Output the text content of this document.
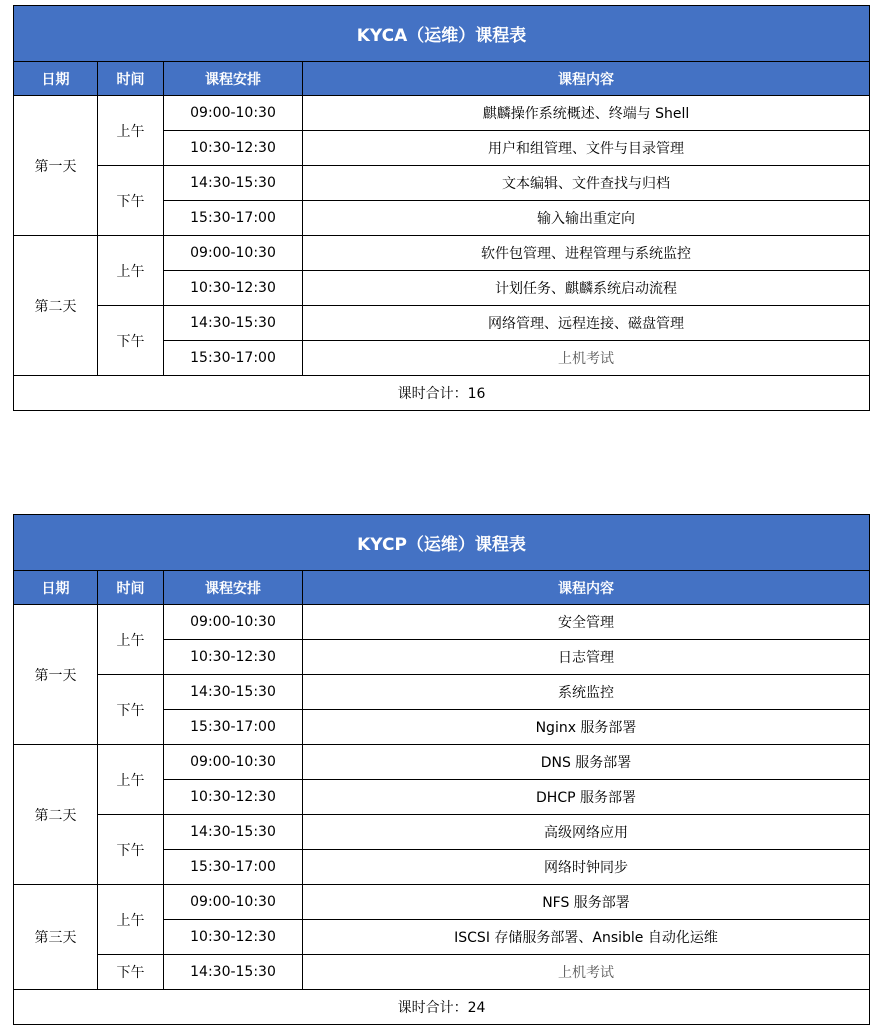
KYCA（运维）课程表			
日期	时间	课程安排	课程内容
第一天	上午	09:00-10:30	麒麟操作系统概述、终端与 Shell
		10:30-12:30	用户和组管理、文件与目录管理
	下午	14:30-15:30	文本编辑、文件查找与归档
		15:30-17:00	输入输出重定向
第二天	上午	09:00-10:30	软件包管理、进程管理与系统监控
		10:30-12:30	计划任务、麒麟系统启动流程
	下午	14:30-15:30	网络管理、远程连接、磁盘管理
		15:30-17:00	上机考试
课时合计：16			
KYCP（运维）课程表			
日期	时间	课程安排	课程内容
第一天	上午	09:00-10:30	安全管理
		10:30-12:30	日志管理
	下午	14:30-15:30	系统监控
		15:30-17:00	Nginx 服务部署
第二天	上午	09:00-10:30	DNS 服务部署
		10:30-12:30	DHCP 服务部署
	下午	14:30-15:30	高级网络应用
		15:30-17:00	网络时钟同步
第三天	上午	09:00-10:30	NFS 服务部署
		10:30-12:30	ISCSI 存储服务部署、Ansible 自动化运维
	下午	14:30-15:30	上机考试
课时合计：24			
